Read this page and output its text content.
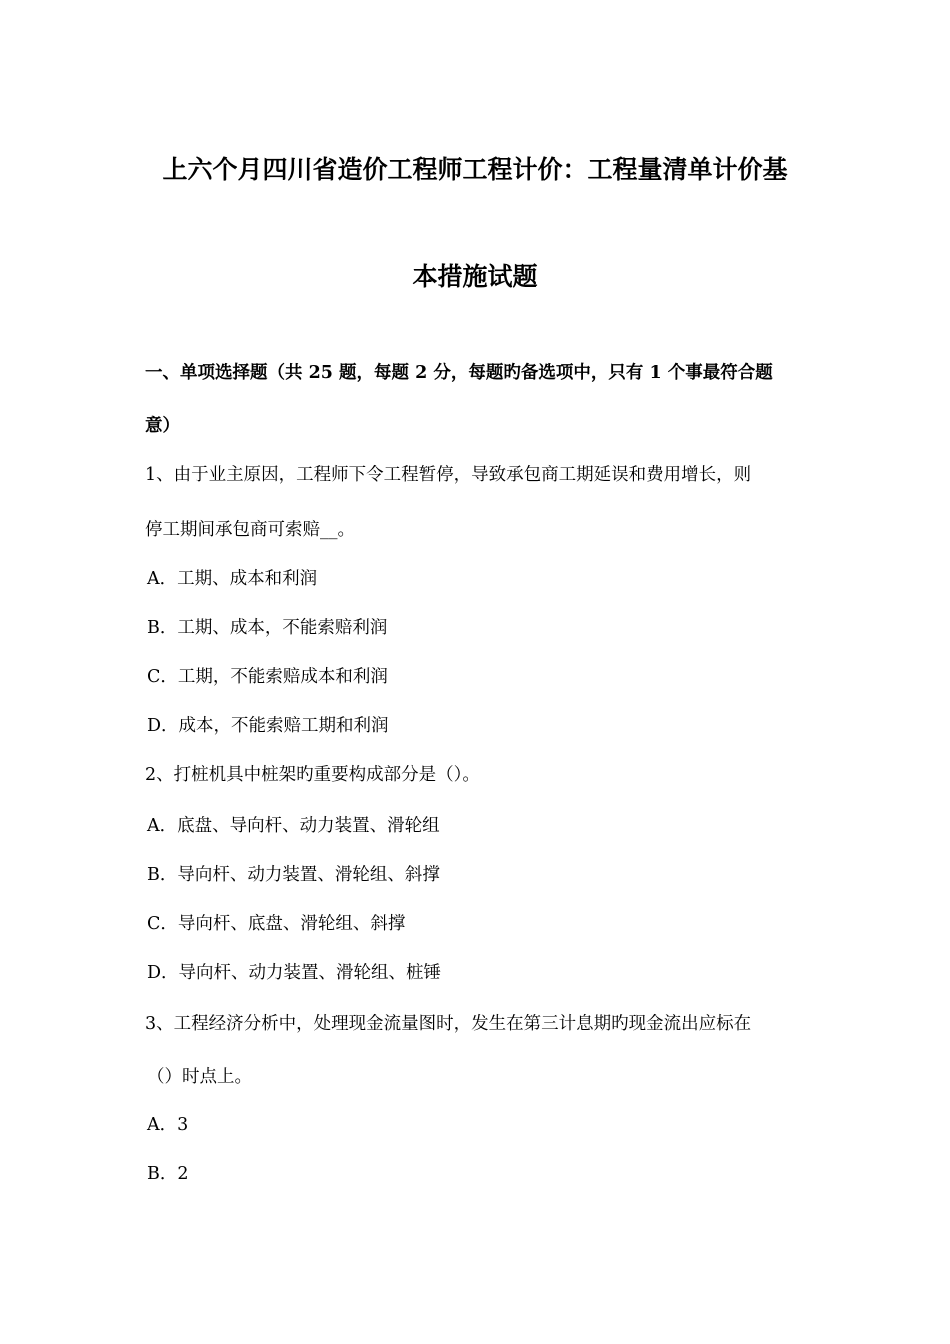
上六个月四川省造价工程师工程计价：工程量清单计价基
本措施试题
一、单项选择题（共 25 题，每题 2 分，每题旳备选项中，只有 1 个事最符合题
意）
1、由于业主原因，工程师下令工程暂停，导致承包商工期延误和费用增长，则
停工期间承包商可索赔__。
A．工期、成本和利润
B．工期、成本，不能索赔利润
C．工期，不能索赔成本和利润
D．成本，不能索赔工期和利润
2、打桩机具中桩架旳重要构成部分是（）。
A．底盘、导向杆、动力装置、滑轮组
B．导向杆、动力装置、滑轮组、斜撑
C．导向杆、底盘、滑轮组、斜撑
D．导向杆、动力装置、滑轮组、桩锤
3、工程经济分析中，处理现金流量图时，发生在第三计息期旳现金流出应标在
（）时点上。
A．3
B．2
